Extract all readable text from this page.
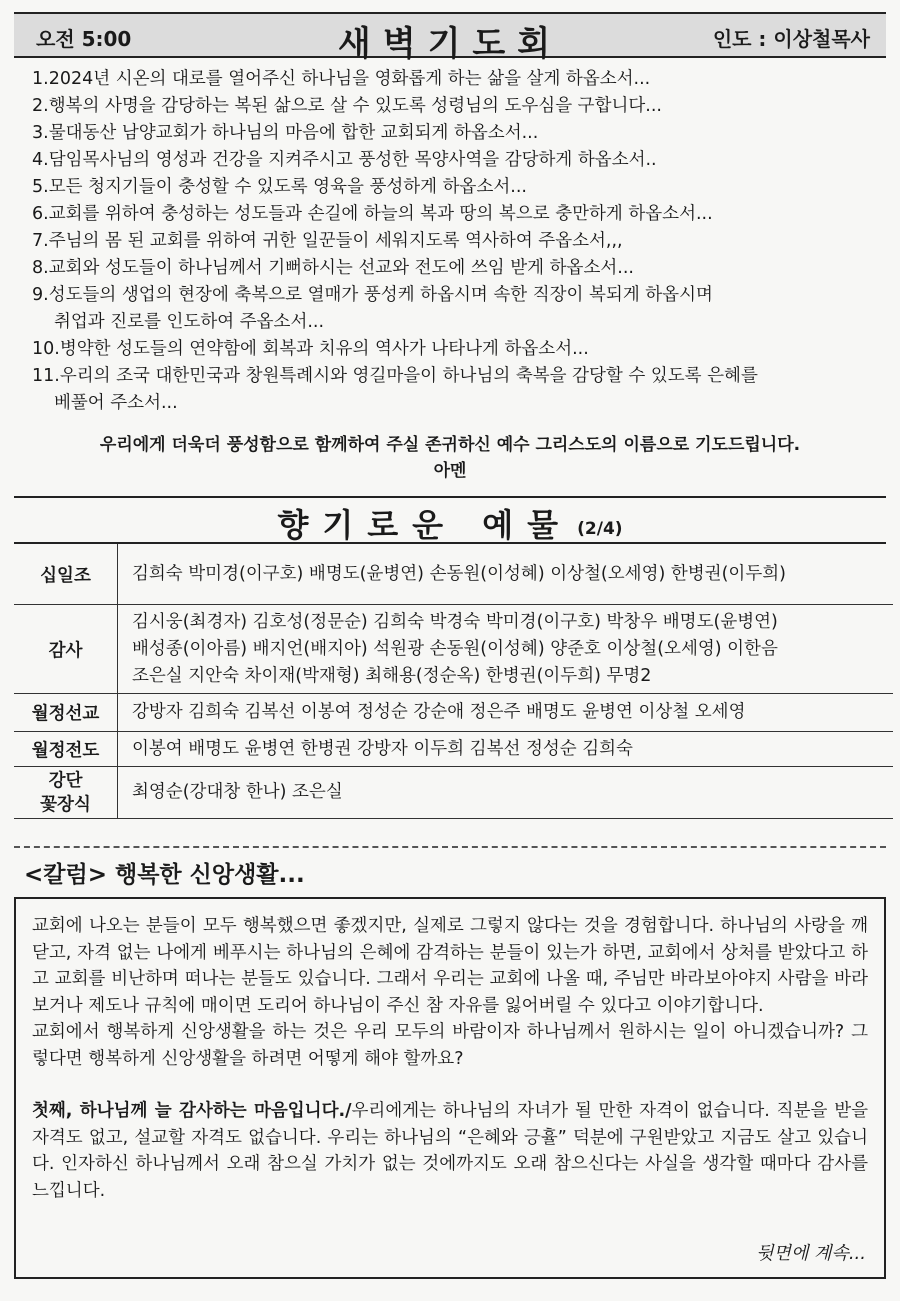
오전 5:00	새벽기도회	인도 : 이상철목사
1.2024년 시온의 대로를 열어주신 하나님을 영화롭게 하는 삶을 살게 하옵소서...
2.행복의 사명을 감당하는 복된 삶으로 살 수 있도록 성령님의 도우심을 구합니다...
3.물대동산 남양교회가 하나님의 마음에 합한 교회되게 하옵소서...
4.담임목사님의 영성과 건강을 지켜주시고 풍성한 목양사역을 감당하게 하옵소서..
5.모든 청지기들이 충성할 수 있도록 영육을 풍성하게 하옵소서...
6.교회를 위하여 충성하는 성도들과 손길에 하늘의 복과 땅의 복으로 충만하게 하옵소서...
7.주님의 몸 된 교회를 위하여 귀한 일꾼들이 세워지도록 역사하여 주옵소서,,,
8.교회와 성도들이 하나님께서 기뻐하시는 선교와 전도에 쓰임 받게 하옵소서...
9.성도들의 생업의 현장에 축복으로 열매가 풍성케 하옵시며 속한 직장이 복되게 하옵시며
취업과 진로를 인도하여 주옵소서...
10.병약한 성도들의 연약함에 회복과 치유의 역사가 나타나게 하옵소서...
11.우리의 조국 대한민국과 창원특례시와 영길마을이 하나님의 축복을 감당할 수 있도록 은혜를
베풀어 주소서...
우리에게 더욱더 풍성함으로 함께하여 주실 존귀하신 예수 그리스도의 이름으로 기도드립니다.
아멘
향기로운 예물 (2/4)
십일조	김희숙 박미경(이구호) 배명도(윤병연) 손동원(이성혜) 이상철(오세영) 한병권(이두희)

감사	김시웅(최경자) 김호성(정문순) 김희숙 박경숙 박미경(이구호) 박창우 배명도(윤병연)
배성종(이아름) 배지언(배지아) 석원광 손동원(이성혜) 양준호 이상철(오세영) 이한음
조은실 지안숙 차이재(박재형) 최해용(정순옥) 한병권(이두희) 무명2

월정선교	강방자 김희숙 김복선 이봉여 정성순 강순애 정은주 배명도 윤병연 이상철 오세영

월정전도	이봉여 배명도 윤병연 한병권 강방자 이두희 김복선 정성순 김희숙

강단
꽃장식	최영순(강대창 한나) 조은실
<칼럼> 행복한 신앙생활...

교회에 나오는 분들이 모두 행복했으면 좋겠지만, 실제로 그렇지 않다는 것을 경험합니다. 하나님의 사랑을 깨닫고, 자격 없는 나에게 베푸시는 하나님의 은혜에 감격하는 분들이 있는가 하면, 교회에서 상처를 받았다고 하고 교회를 비난하며 떠나는 분들도 있습니다. 그래서 우리는 교회에 나올 때, 주님만 바라보아야지 사람을 바라보거나 제도나 규칙에 매이면 도리어 하나님이 주신 참 자유를 잃어버릴 수 있다고 이야기합니다.

교회에서 행복하게 신앙생활을 하는 것은 우리 모두의 바람이자 하나님께서 원하시는 일이 아니겠습니까? 그렇다면 행복하게 신앙생활을 하려면 어떻게 해야 할까요?

첫째, 하나님께 늘 감사하는 마음입니다./우리에게는 하나님의 자녀가 될 만한 자격이 없습니다. 직분을 받을 자격도 없고, 설교할 자격도 없습니다. 우리는 하나님의 “은혜와 긍휼” 덕분에 구원받았고 지금도 살고 있습니다. 인자하신 하나님께서 오래 참으실 가치가 없는 것에까지도 오래 참으신다는 사실을 생각할 때마다 감사를 느낍니다.

뒷면에 계속...
